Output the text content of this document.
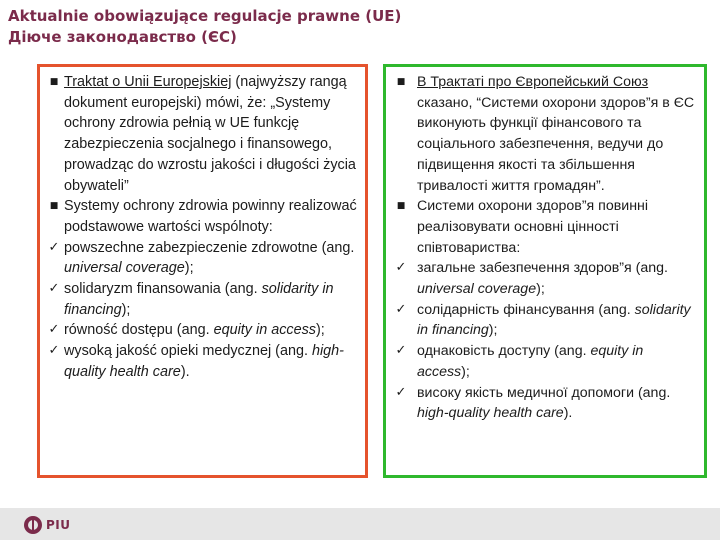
Aktualnie obowiązujące regulacje prawne (UE)
Діюче законодавство (ЄС)
■ Traktat o Unii Europejskiej (najwyższy rangą dokument europejski) mówi, że: „Systemy ochrony zdrowia pełnią w UE funkcję zabezpieczenia socjalnego i finansowego, prowadząc do wzrostu jakości i długości życia obywateli”
■ Systemy ochrony zdrowia powinny realizować podstawowe wartości wspólnoty:
✓ powszechne zabezpieczenie zdrowotne (ang. universal coverage);
✓ solidaryzm finansowania (ang. solidarity in financing);
✓ równość dostępu (ang. equity in access);
✓ wysoką jakość opieki medycznej (ang. high-quality health care).
■ В Трактаті про Європейський Союз сказано, “Системи охорони здоров”я в ЄС виконують функції фінансового та соціального забезпечення, ведучи до підвищення якості та збільшення тривалості життя громадян”.
■ Системи охорони здоров”я повинні реалізовувати основні цінності співтовариства:
✓ загальне забезпечення здоров”я (ang. universal coverage);
✓ солідарність фінансування (ang. solidarity in financing);
✓ однаковість доступу (ang. equity in access);
✓ високу якість медичної допомоги (ang. high-quality health care).
PIU
